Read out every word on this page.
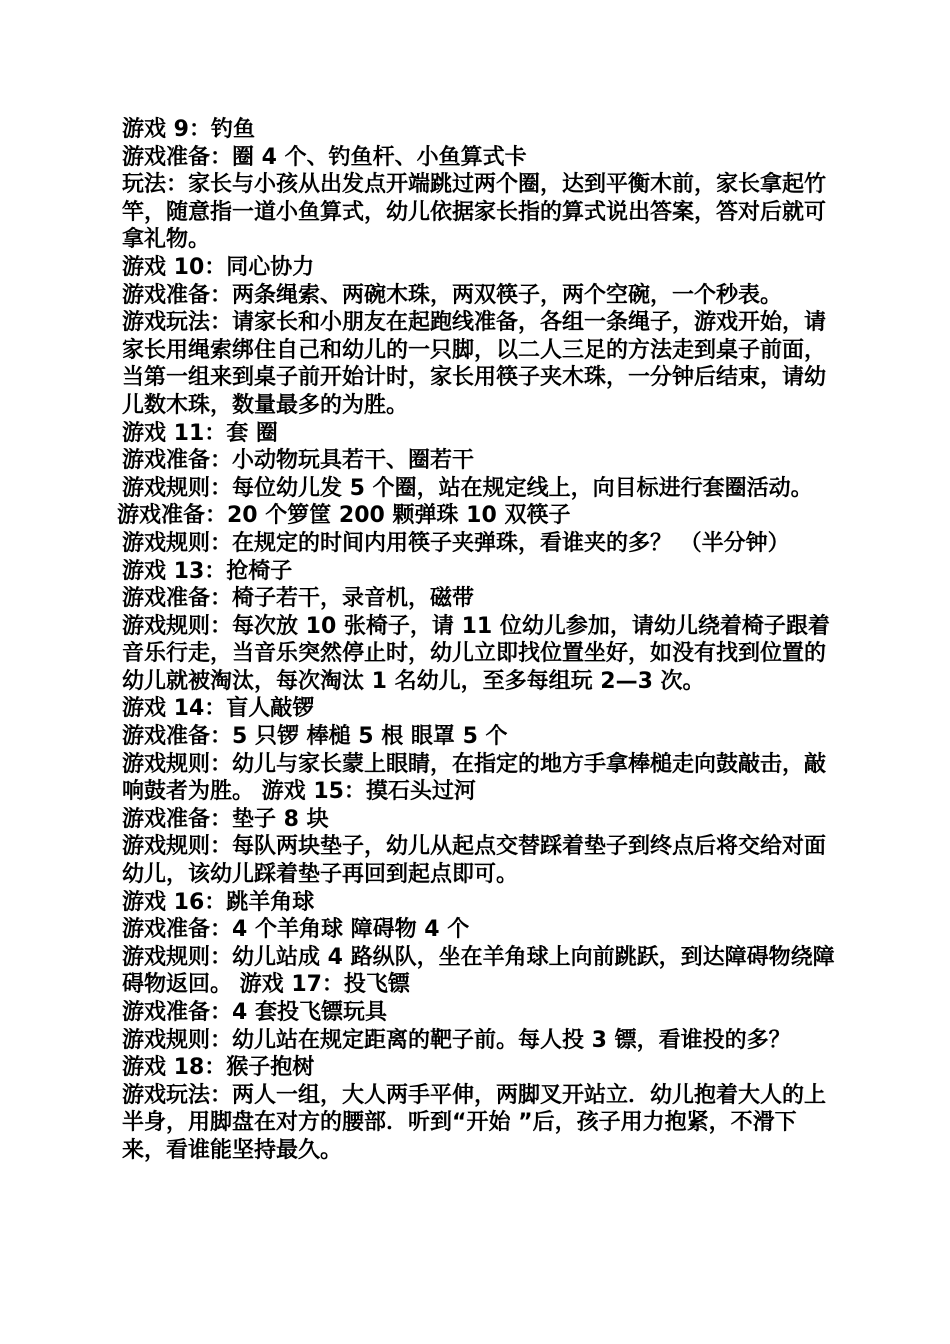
游戏 9：钓鱼

游戏准备：圈 4 个、钓鱼杆、小鱼算式卡

玩法：家长与小孩从出发点开端跳过两个圈，达到平衡木前，家长拿起竹竿，随意指一道小鱼算式，幼儿依据家长指的算式说出答案，答对后就可拿礼物。

游戏 10：同心协力

游戏准备：两条绳索、两碗木珠，两双筷子，两个空碗，一个秒表。

游戏玩法：请家长和小朋友在起跑线准备，各组一条绳子，游戏开始，请家长用绳索绑住自己和幼儿的一只脚，以二人三足的方法走到桌子前面，当第一组来到桌子前开始计时，家长用筷子夹木珠，一分钟后结束，请幼儿数木珠，数量最多的为胜。

游戏 11：套 圈

游戏准备：小动物玩具若干、圈若干

游戏规则：每位幼儿发 5 个圈，站在规定线上，向目标进行套圈活动。

游戏准备：20 个箩筐 200 颗弹珠 10 双筷子

游戏规则：在规定的时间内用筷子夹弹珠，看谁夹的多？ （半分钟）

游戏 13：抢椅子

游戏准备：椅子若干，录音机，磁带

游戏规则：每次放 10 张椅子，请 11 位幼儿参加，请幼儿绕着椅子跟着音乐行走，当音乐突然停止时，幼儿立即找位置坐好，如没有找到位置的幼儿就被淘汰，每次淘汰 1 名幼儿，至多每组玩 2—3 次。

游戏 14：盲人敲锣

游戏准备：5 只锣 棒槌 5 根 眼罩 5 个

游戏规则：幼儿与家长蒙上眼睛，在指定的地方手拿棒槌走向鼓敲击，敲响鼓者为胜。 游戏 15：摸石头过河

游戏准备：垫子 8 块

游戏规则：每队两块垫子，幼儿从起点交替踩着垫子到终点后将交给对面幼儿，该幼儿踩着垫子再回到起点即可。

游戏 16：跳羊角球

游戏准备：4 个羊角球 障碍物 4 个

游戏规则：幼儿站成 4 路纵队，坐在羊角球上向前跳跃，到达障碍物绕障碍物返回。 游戏 17：投飞镖

游戏准备：4 套投飞镖玩具

游戏规则：幼儿站在规定距离的靶子前。每人投 3 镖，看谁投的多？

游戏 18：猴子抱树

游戏玩法：两人一组，大人两手平伸，两脚叉开站立．幼儿抱着大人的上半身，用脚盘在对方的腰部．听到“开始 ”后，孩子用力抱紧，不滑下来，看谁能坚持最久。
